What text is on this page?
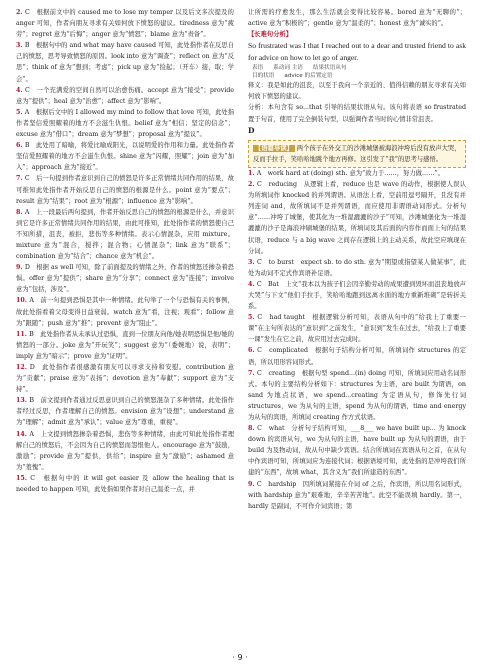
2. C　根据前文中的 caused me to lose my temper 以及后文多次提及的 anger 可知，作者向朋友寻求有关如何放下愤怒的建议。tiredness 意为“疲劳”；regret 意为“后悔”；anger 意为“愤怒”；blame 意为“责备”。

3. B　根据句中的 and what may have caused 可知，此处指作者在反思自己的愤怒，思考导致愤怒的原因。look into 意为“调查”；reflect on 意为“反思”；think of 意为“想到；考虑”；pick up 意为“捡起；（开车）接，取；学会”。

4. C　一个充满爱的空间自然可以治愈伤痛。accept 意为“接受”；provide 意为“提供”；heal 意为“治愈”；affect 意为“影响”。

5. A　根据后文中的 I allowed my mind to follow that love 可知，此处指作者坚信爱照耀着的地方不会滋生仇恨。belief 意为“相信；坚定的信念”；excuse 意为“借口”；dream 意为“梦想”；proposal 意为“提议”。

6. B　此处用了暗喻，将爱比喻成阳光，以说明爱的作用和力量。此处指作者坚信爱照耀着的地方不会滋生仇恨。shine 意为“闪耀，照耀”；join 意为“加入”；approach 意为“接近”。

7. C　后一句提到作者意识到自己的愤怒是许多正常情绪共同作用的结果，故可推知此处指作者开始反思自己的愤怒的根源是什么。point 意为“要点”；result 意为“结果”；root 意为“根源”；influence 意为“影响”。

8. A　上一段最后两句提到，作者开始反思自己的愤怒的根源是什么，并意识到它是许多正常情绪共同作用的结果，由此可推知，此处指作者的愤怒使自己不知所措，沮丧，被拒，悲伤等多种情绪。表示心情混杂，应用 mixture。mixture 意为“混合，搅拌；混合物；心情混杂”；link 意为“联系”；combination 意为“结合”；chance 意为“机会”。

9. D　根据 as well 可知，除了前面提及的情绪之外，作者的愤怒还掺杂着恐惧。offer 意为“提供”；share 意为“分享”；connect 意为“连接”；involve 意为“包括，涉及”。

10. A　前一句提到恐惧是其中一种情绪。此句举了一个与恐惧有关的事例，故此处指看着父母变得日益衰弱。watch 意为“看，注视；观看”；follow 意为“跟随”；push 意为“推”；prevent 意为“阻止”。

11. B　此处指作者从未承认过恐惧，直到一位朋友向他/她表明恐惧是他/她的愤怒的一部分。joke 意为“开玩笑”；suggest 意为“（委婉地）说，表明”；imply 意为“暗示”；prove 意为“证明”。

12. D　此处指作者很感激有朋友可以寻求支持和安慰。contribution 意为“贡献”；praise 意为“表扬”；devotion 意为“奉献”；support 意为“支持”。

13. B　前文提到作者通过反思意识到自己的愤怒混杂了多种情绪。此处指作者经过反思，作者理解自己的愤怒。envision 意为“设想”；understand 意为“理解”；admit 意为“承认”；value 意为“尊重，重视”。

14. A　上文提到愤怒掺杂着恐惧，悲伤等多种情绪，由此可知此处指作者理解自己的愤怒后，不会因为自己的愤怒而怨恨他人。encourage 意为“鼓励，激励”；provide 意为“提供，供给”；inspire 意为“激励”；ashamed 意为“羞愧”。

15. C　根据句中的 it will get easier 及 allow the healing that is needed to happen 可知，此处指如果作者对自己温柔一点，并

让所需的疗愈发生，那么生活就会变得比较容易。bored 意为“无聊的”；active 意为“积极的”；gentle 意为“温柔的”；honest 意为“诚实的”。

【长难句分析】

So frustrated was I that I reached out to a dear and trusted friend to ask for advice on how to let go of anger.

表语 系动词 主语 结果状语从句
目的状语 advice 的后置定语

释义：我是如此的沮丧，以至于我向一个亲近的、值得信赖的朋友寻求有关如何放下愤怒的建议。

分析：本句含有 so...that 引导的结果状语从句。该句将表语 so frustrated 置于句首，使用了完全倒装句型，以强调作者当时的心情非常沮丧。

D

【语篇导读】 两个孩子在外交工的沙滩城堡被海浪冲垮后没有放声大哭，反而手拉手，笑哈哈地跳个地方再修。这引发了“我”的思考与感悟。

1. A　work hard at (doing) sth. 意为“致力于……，努力做……”。

2. C　reducing　从逻辑上看，reduce 也是 wave 的动作，根据使人误认为所填词作 knocked 的并列谓语。从语法上看，空前用逗号隔开，且没有并列连词 and，故所填词不是并列谓语，而应使用非谓语动词形式。分析句意“……冲垮了城堡，使其化为一堆湿漉漉的沙子”可知，沙滩城堡化为一堆湿漉漉的沙子是海浪冲刷城堡的结果，所填词及其后面的内容作而面上句的结果状语，reduce 与 a big wave 之间存在逻辑上的主动关系，故此空应填现在分词。

3. C　to burst　expect sb. to do sth. 意为“期望或指望某人做某事”，此处为动词不定式作宾语补足语。

4. C　Bat　上文“我本以为孩子们会因辛勤劳动的成果遭到毁坏而沮丧地放声大哭”与下文“他们手拉手，笑哈哈地跑到远离水面的地方重新堆砌”是转折关系。

5. C　had taught　根据逻辑分析可知，表语从句中的“给我上了重要一课”在主句所表达的“意识到”之前发生，“意识到”发生在过去，“给我上了重要一课”发生在它之前，故应用过去完成时。

6. C　complicated　根据句子结构分析可知，所填词作 structures 的定语，所以用形容词形式。

7. C　creating　根据句型 spend...(in) doing 可知，所填词应用动名词形式。本句的主要结构分析如下：structures 为主语，are built 为谓语，on sand 为地点状语，we spend...creating 为定语从句，修饰先行词 structures，we 为从句的主语，spend 为从句的谓语，time and energy 为从句的宾语，所填词 creating 作方式状语。

8. C　what　分析句子结构可知，___8___ we have built up... 为 knock down 的宾语从句，we 为从句的主语，have built up 为从句的谓语，由于 build 为及物动词，故从句中缺少宾语。结合所填词在宾语从句之首，在从句中作宾语可知，所填词应为连接代词；根据语境可知，此处指的是冲垮我们所建的“东西”，故填 what，其含义为“我们所建造的东西”。

9. C　hardship　因所填词紧接在介词 of 之后，作宾语，所以用名词形式，with hardship 意为“艰难地，辛辛苦苦地”。此空不能误填 hardly。第一，hardly 是副词，不可作介词宾语；第

· 9 ·
